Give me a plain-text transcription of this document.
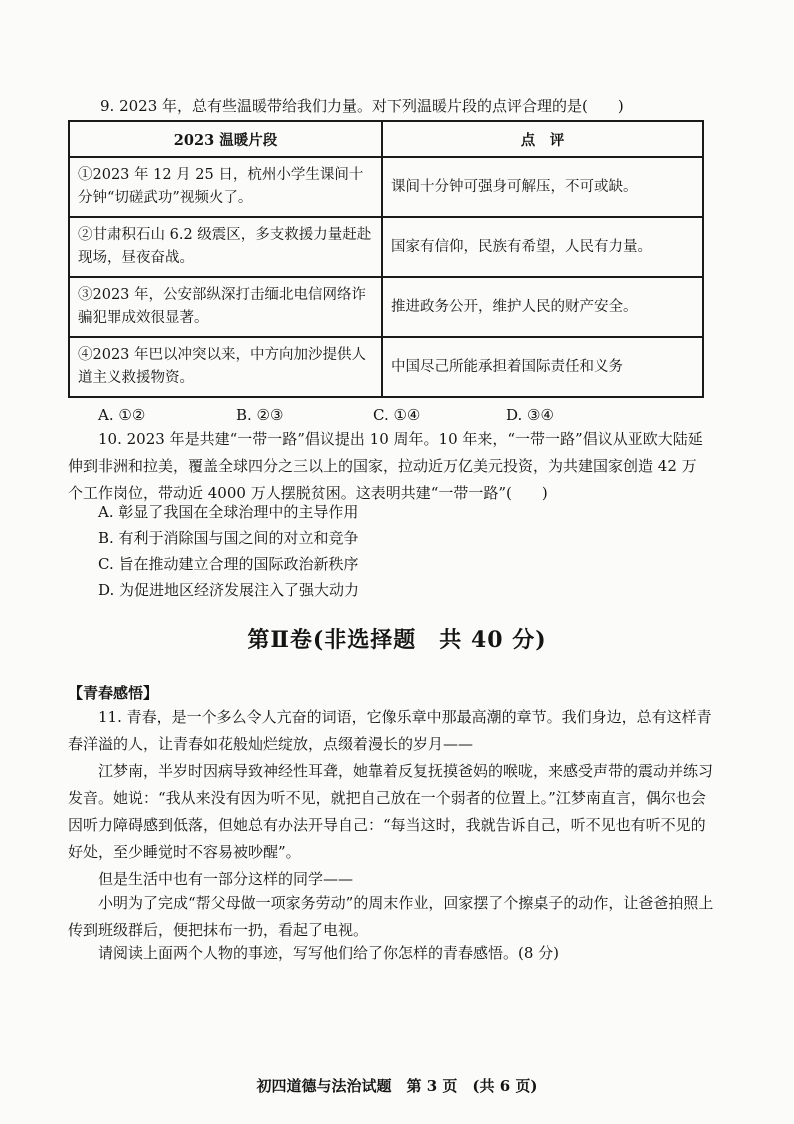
9. 2023 年，总有些温暖带给我们力量。对下列温暖片段的点评合理的是(　　)
2023 温暖片段	点　评
①2023 年 12 月 25 日，杭州小学生课间十分钟“切磋武功”视频火了。	课间十分钟可强身可解压，不可或缺。
②甘肃积石山 6.2 级震区，多支救援力量赶赴现场，昼夜奋战。	国家有信仰，民族有希望，人民有力量。
③2023 年，公安部纵深打击缅北电信网络诈骗犯罪成效很显著。	推进政务公开，维护人民的财产安全。
④2023 年巴以冲突以来，中方向加沙提供人道主义救援物资。	中国尽己所能承担着国际责任和义务
A. ①②	B. ②③	C. ①④	D. ③④
10. 2023 年是共建“一带一路”倡议提出 10 周年。10 年来，“一带一路”倡议从亚欧大陆延伸到非洲和拉美，覆盖全球四分之三以上的国家，拉动近万亿美元投资，为共建国家创造 42 万个工作岗位，带动近 4000 万人摆脱贫困。这表明共建“一带一路”(　　)
A. 彰显了我国在全球治理中的主导作用
B. 有利于消除国与国之间的对立和竞争
C. 旨在推动建立合理的国际政治新秩序
D. 为促进地区经济发展注入了强大动力
第Ⅱ卷(非选择题　共 40 分)
【青春感悟】
11. 青春，是一个多么令人亢奋的词语，它像乐章中那最高潮的章节。我们身边，总有这样青春洋溢的人，让青春如花般灿烂绽放，点缀着漫长的岁月——
江梦南，半岁时因病导致神经性耳聋，她靠着反复抚摸爸妈的喉咙，来感受声带的震动并练习发音。她说：“我从来没有因为听不见，就把自己放在一个弱者的位置上。”江梦南直言，偶尔也会因听力障碍感到低落，但她总有办法开导自己：“每当这时，我就告诉自己，听不见也有听不见的好处，至少睡觉时不容易被吵醒”。
但是生活中也有一部分这样的同学——
小明为了完成“帮父母做一项家务劳动”的周末作业，回家摆了个擦桌子的动作，让爸爸拍照上传到班级群后，便把抹布一扔，看起了电视。
请阅读上面两个人物的事迹，写写他们给了你怎样的青春感悟。(8 分)
初四道德与法治试题　第 3 页　(共 6 页)
